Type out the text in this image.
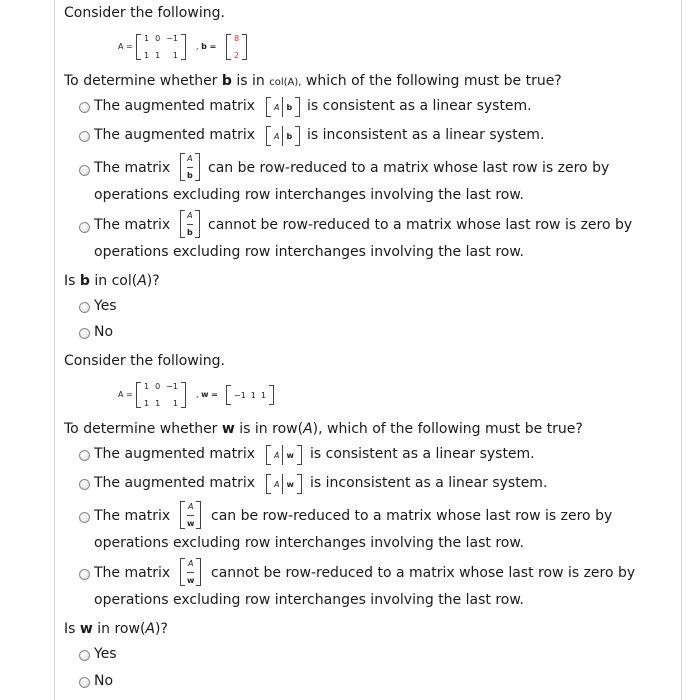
Consider the following.
A =
1 0 −1
1 1	1
, b =
8
2
To determine whether b is in col(A), which of the following must be true?
The augmented matrix A b is consistent as a linear system.
The augmented matrix A b is inconsistent as a linear system.
The matrix
A
b can be row-reduced to a matrix whose last row is zero by
operations excluding row interchanges involving the last row.
The matrix
A
b cannot be row-reduced to a matrix whose last row is zero by
operations excluding row interchanges involving the last row.
Is b in col(A)?
Yes
No
Consider the following.
A =
1 0 −1
1 1	1
, w = −1 1 1
To determine whether w is in row(A), which of the following must be true?
The augmented matrix A w is consistent as a linear system.
The augmented matrix A w is inconsistent as a linear system.
The matrix
A
w can be row-reduced to a matrix whose last row is zero by
operations excluding row interchanges involving the last row.
The matrix
A
w cannot be row-reduced to a matrix whose last row is zero by
operations excluding row interchanges involving the last row.
Is w in row(A)?
Yes
No
